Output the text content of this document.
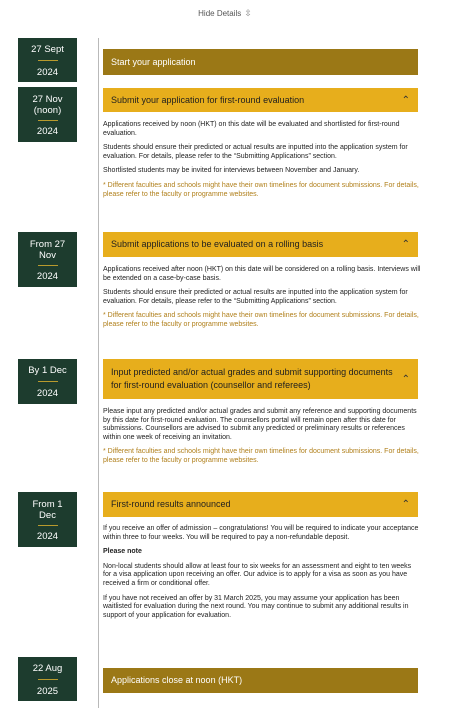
Hide Details ⇳
27 Sept
2024
Start your application
27 Nov
(noon)
2024
Submit your application for first-round evaluation	⌃

Applications received by noon (HKT) on this date will be evaluated and shortlisted for first-round evaluation.

Students should ensure their predicted or actual results are inputted into the application system for evaluation. For details, please refer to the “Submitting Applications” section.

Shortlisted students may be invited for interviews between November and January.

* Different faculties and schools might have their own timelines for document submissions. For details, please refer to the faculty or programme websites.

From 27
Nov
2024
Submit applications to be evaluated on a rolling basis	⌃

Applications received after noon (HKT) on this date will be considered on a rolling basis. Interviews will be extended on a case-by-case basis.

Students should ensure their predicted or actual results are inputted into the application system for evaluation. For details, please refer to the “Submitting Applications” section.

* Different faculties and schools might have their own timelines for document submissions. For details, please refer to the faculty or programme websites.

By 1 Dec
2024
Input predicted and/or actual grades and submit supporting documents for first-round evaluation (counsellor and referees)
⌃

Please input any predicted and/or actual grades and submit any reference and supporting documents by this date for first-round evaluation. The counsellors portal will remain open after this date for submissions. Counsellors are advised to submit any predicted or preliminary results or references within one week of receiving an invitation.

* Different faculties and schools might have their own timelines for document submissions. For details, please refer to the faculty or programme websites.

From 1
Dec
2024
First-round results announced	⌃

If you receive an offer of admission – congratulations! You will be required to indicate your acceptance within three to four weeks. You will be required to pay a non-refundable deposit.

Please note

Non-local students should allow at least four to six weeks for an assessment and eight to ten weeks for a visa application upon receiving an offer. Our advice is to apply for a visa as soon as you have received a firm or conditional offer.

If you have not received an offer by 31 March 2025, you may assume your application has been waitlisted for evaluation during the next round. You may continue to submit any additional results in support of your application for evaluation.

22 Aug
2025
Applications close at noon (HKT)
